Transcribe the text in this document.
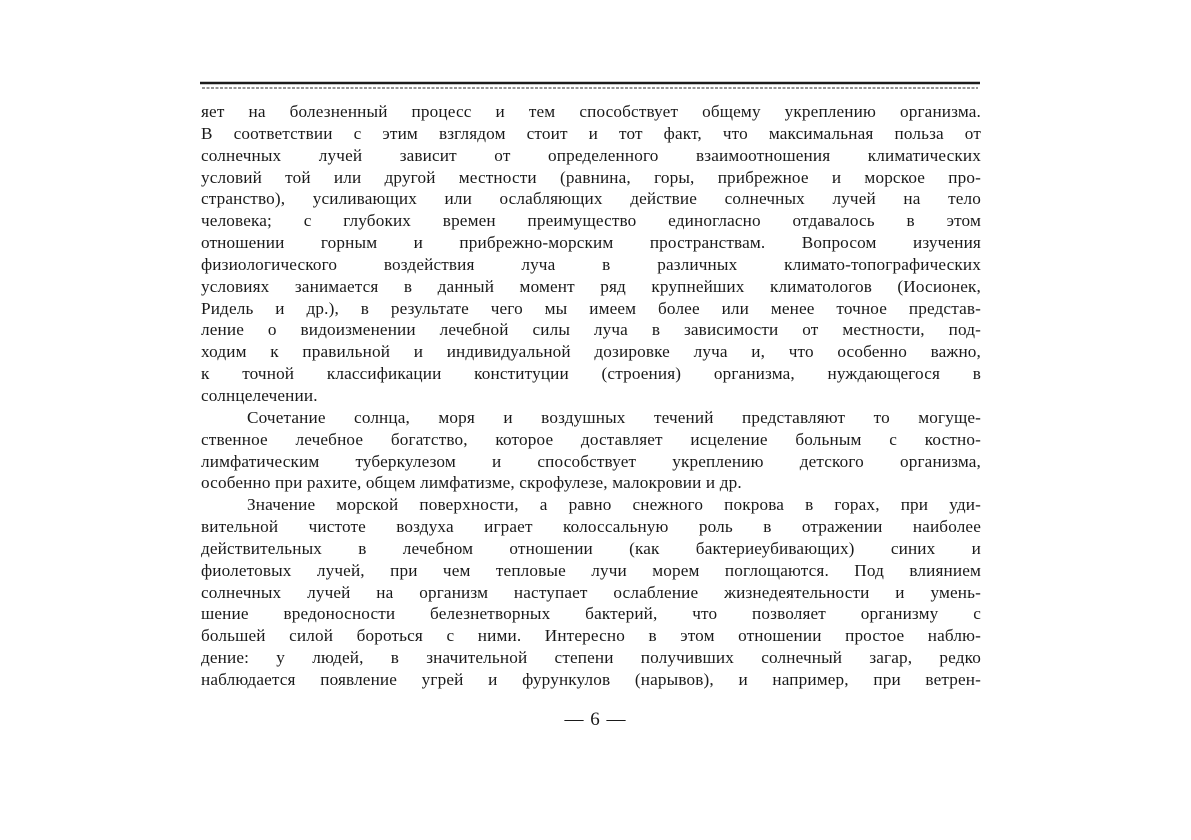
яет на болезненный процесс и тем способствует общему укреплению организма.
В соответствии с этим взглядом стоит и тот факт, что максимальная польза от
солнечных лучей зависит от определенного взаимоотношения климатических
условий той или другой местности (равнина, горы, прибрежное и морское про-
странство), усиливающих или ослабляющих действие солнечных лучей на тело
человека; с глубоких времен преимущество единогласно отдавалось в этом
отношении горным и прибрежно-морским пространствам. Вопросом изучения
физиологического воздействия луча в различных климато-топографических
условиях занимается в данный момент ряд крупнейших климатологов (Иосионек,
Ридель и др.), в результате чего мы имеем более или менее точное представ-
ление о видоизменении лечебной силы луча в зависимости от местности, под-
ходим к правильной и индивидуальной дозировке луча и, что особенно важно,
к точной классификации конституции (строения) организма, нуждающегося в
солнцелечении.
Сочетание солнца, моря и воздушных течений представляют то могуще-
ственное лечебное богатство, которое доставляет исцеление больным с костно-
лимфатическим туберкулезом и способствует укреплению детского организма,
особенно при рахите, общем лимфатизме, скрофулезе, малокровии и др.
Значение морской поверхности, а равно снежного покрова в горах, при уди-
вительной чистоте воздуха играет колоссальную роль в отражении наиболее
действительных в лечебном отношении (как бактериеубивающих) синих и
фиолетовых лучей, при чем тепловые лучи морем поглощаются. Под влиянием
солнечных лучей на организм наступает ослабление жизнедеятельности и умень-
шение вредоносности белезнетворных бактерий, что позволяет организму с
большей силой бороться с ними. Интересно в этом отношении простое наблю-
дение: у людей, в значительной степени получивших солнечный загар, редко
наблюдается появление угрей и фурункулов (нарывов), и например, при ветрен-
— 6 —
